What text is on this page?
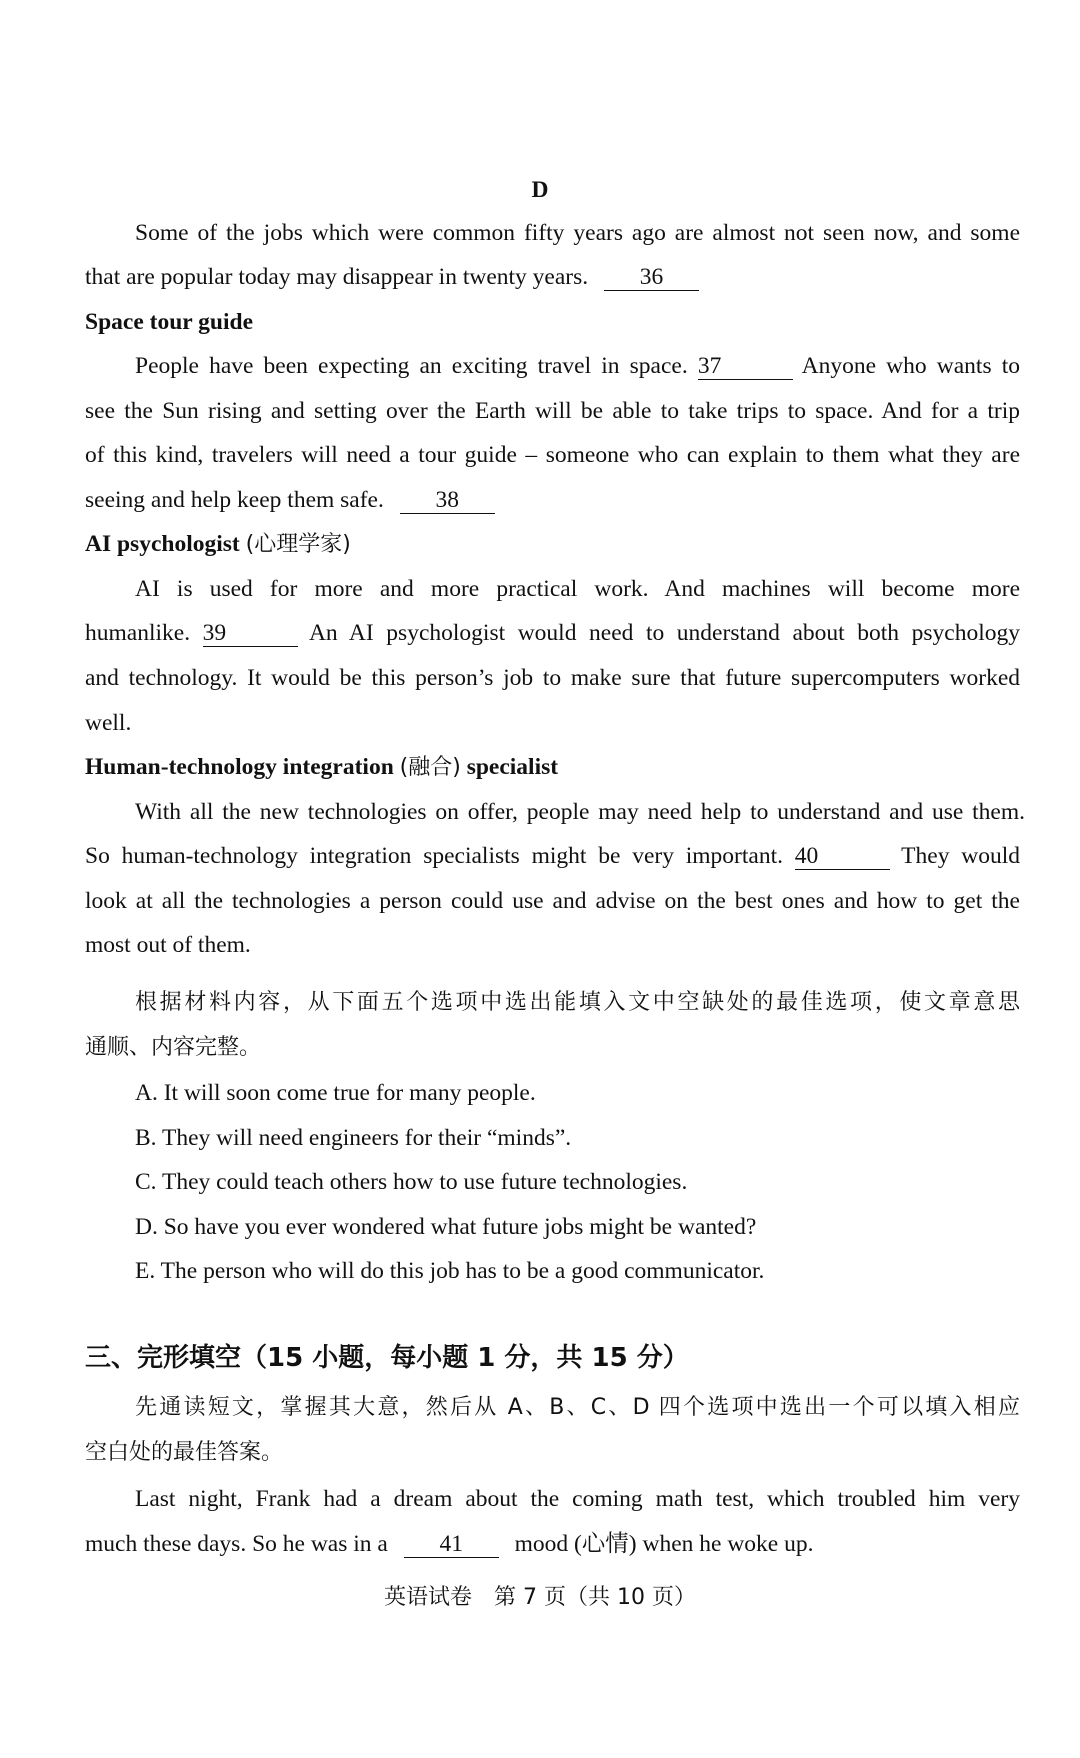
D
Some of the jobs which were common fifty years ago are almost not seen now, and some
that are popular today may disappear in twenty years. 36
Space tour guide
People have been expecting an exciting travel in space. 37	Anyone who wants to
see the Sun rising and setting over the Earth will be able to take trips to space. And for a trip
of this kind, travelers will need a tour guide – someone who can explain to them what they are
seeing and help keep them safe. 38
AI psychologist (心理学家)
AI is used for more and more practical work. And machines will become more
humanlike. 39	An AI psychologist would need to understand about both psychology
and technology. It would be this person’s job to make sure that future supercomputers worked
well.
Human-technology integration (融合) specialist
With all the new technologies on offer, people may need help to understand and use them.
So human-technology integration specialists might be very important. 40	They would
look at all the technologies a person could use and advise on the best ones and how to get the
most out of them.
根据材料内容，从下面五个选项中选出能填入文中空缺处的最佳选项，使文章意思
通顺、内容完整。
A. It will soon come true for many people.
B. They will need engineers for their “minds”.
C. They could teach others how to use future technologies.
D. So have you ever wondered what future jobs might be wanted?
E. The person who will do this job has to be a good communicator.
三、完形填空（15 小题，每小题 1 分，共 15 分）
先通读短文，掌握其大意，然后从 A、B、C、D 四个选项中选出一个可以填入相应
空白处的最佳答案。
Last night, Frank had a dream about the coming math test, which troubled him very
much these days. So he was in a 41 mood (心情) when he woke up.
英语试卷　第 7 页（共 10 页）
